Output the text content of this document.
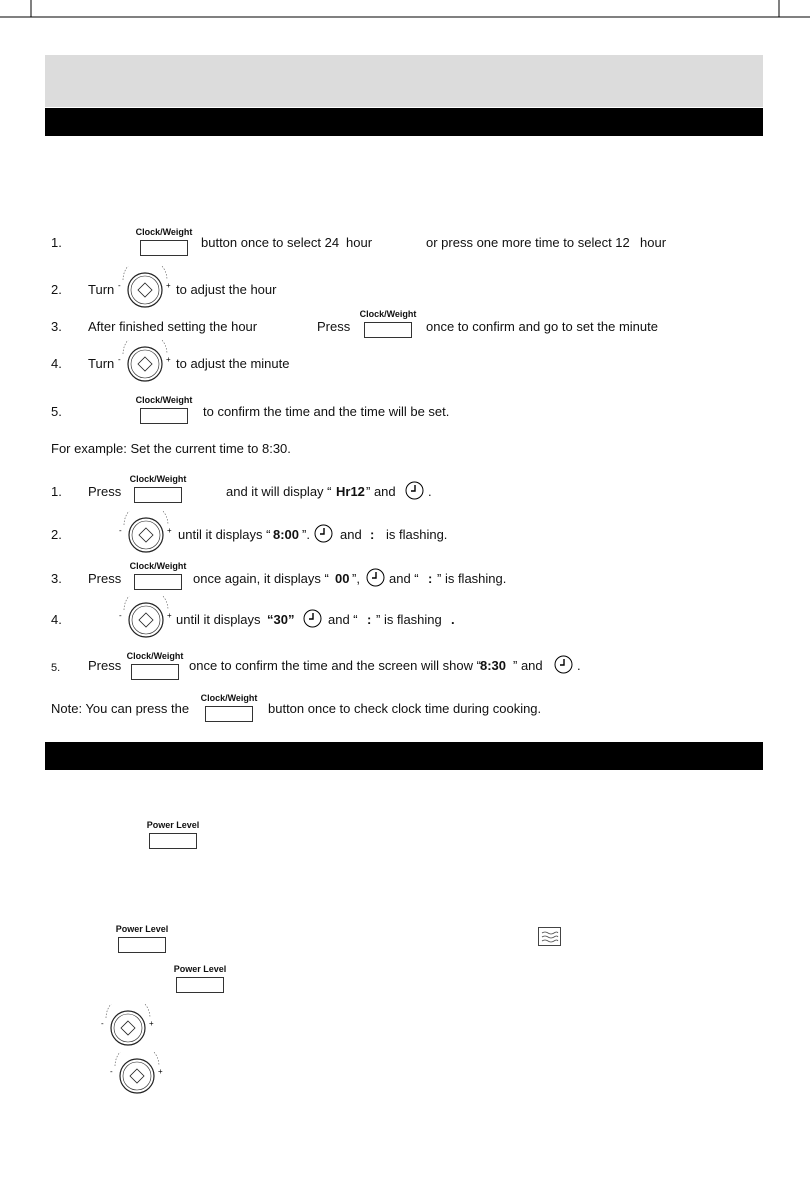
1.
Clock/Weight
button once to select 24 hour	or press one more time to select 12 hour
2. Turn -	+ to adjust the hour
3. After finished setting the hour	Press
Clock/Weight
once to confirm and go to set the minute
4. Turn -	+ to adjust the minute
5.
Clock/Weight
to confirm the time and the time will be set.
For example: Set the current time to 8:30.
1. Press
Clock/Weight
and it will display “ Hr12 ” and .
2.	-	+ until it displays “ 8:00 ”. and : is flashing.
3. Press
Clock/Weight
once again, it displays “ 00 ”, and “ : ” is flashing.
4.	-	+ until it displays “30”	and “ : ” is flashing .
5. Press
Clock/Weight
once to confirm the time and the screen will show “ 8:30 ” and	.
Note: You can press the
Clock/Weight
button once to check clock time during cooking.
Power Level
Power Level
Power Level
-	+
-	+
